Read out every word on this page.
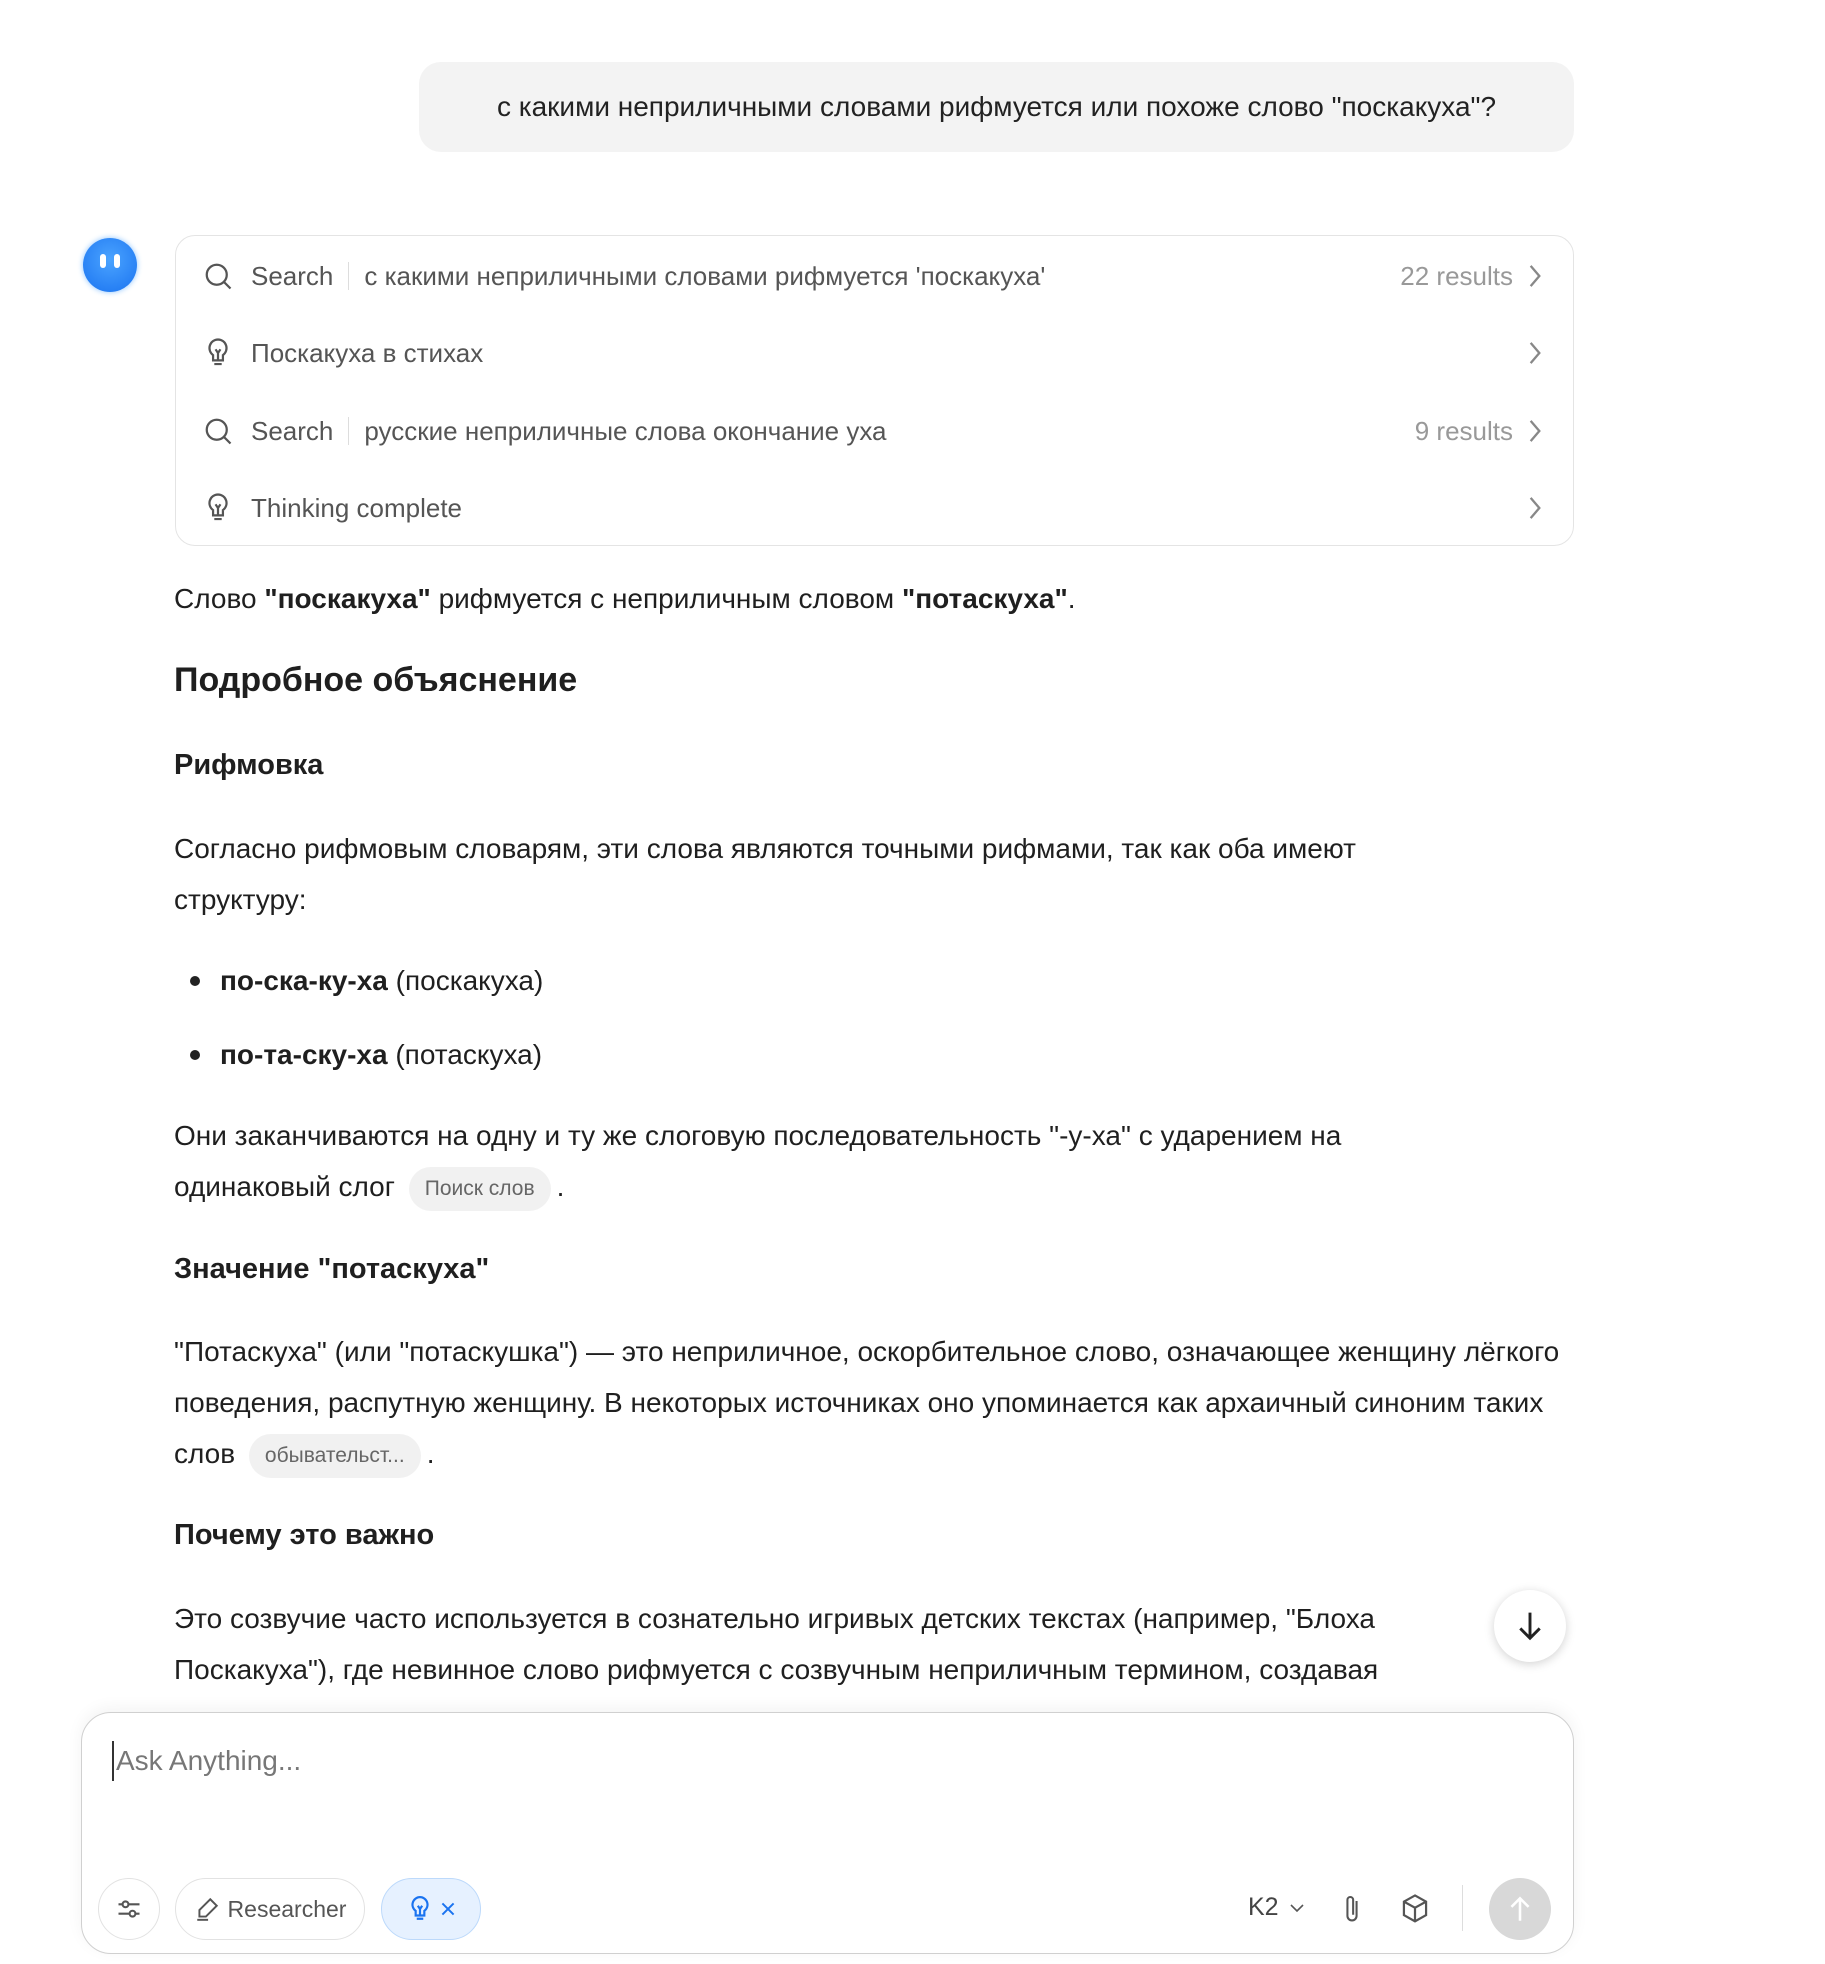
с какими неприличными словами рифмуется или похоже слово "поскакуха"?
Search с какими неприличными словами рифмуется 'поскакуха'	22 results
Поскакуха в стихах
Search русские неприличные слова окончание уха	9 results
Thinking complete

Слово "поскакуха" рифмуется с неприличным словом "потаскуха".

Подробное объяснение
Рифмовка

Согласно рифмовым словарям, эти слова являются точными рифмами, так как оба имеют структуру:

по-ска-ку-ха (поскакуха)
по-та-ску-ха (потаскуха)

Они заканчиваются на одну и ту же слоговую последовательность "-у-ха" с ударением на одинаковый слог Поиск слов .

Значение "потаскуха"

"Потаскуха" (или "потаскушка") — это неприличное, оскорбительное слово, означающее женщину лёгкого поведения, распутную женщину. В некоторых источниках оно упоминается как архаичный синоним таких слов обывательст... .

Почему это важно

Это созвучие часто используется в сознательно игривых детских текстах (например, "Блоха Поскакуха"), где невинное слово рифмуется с созвучным неприличным термином, создавая

Ask Anything...
Researcher	K2
